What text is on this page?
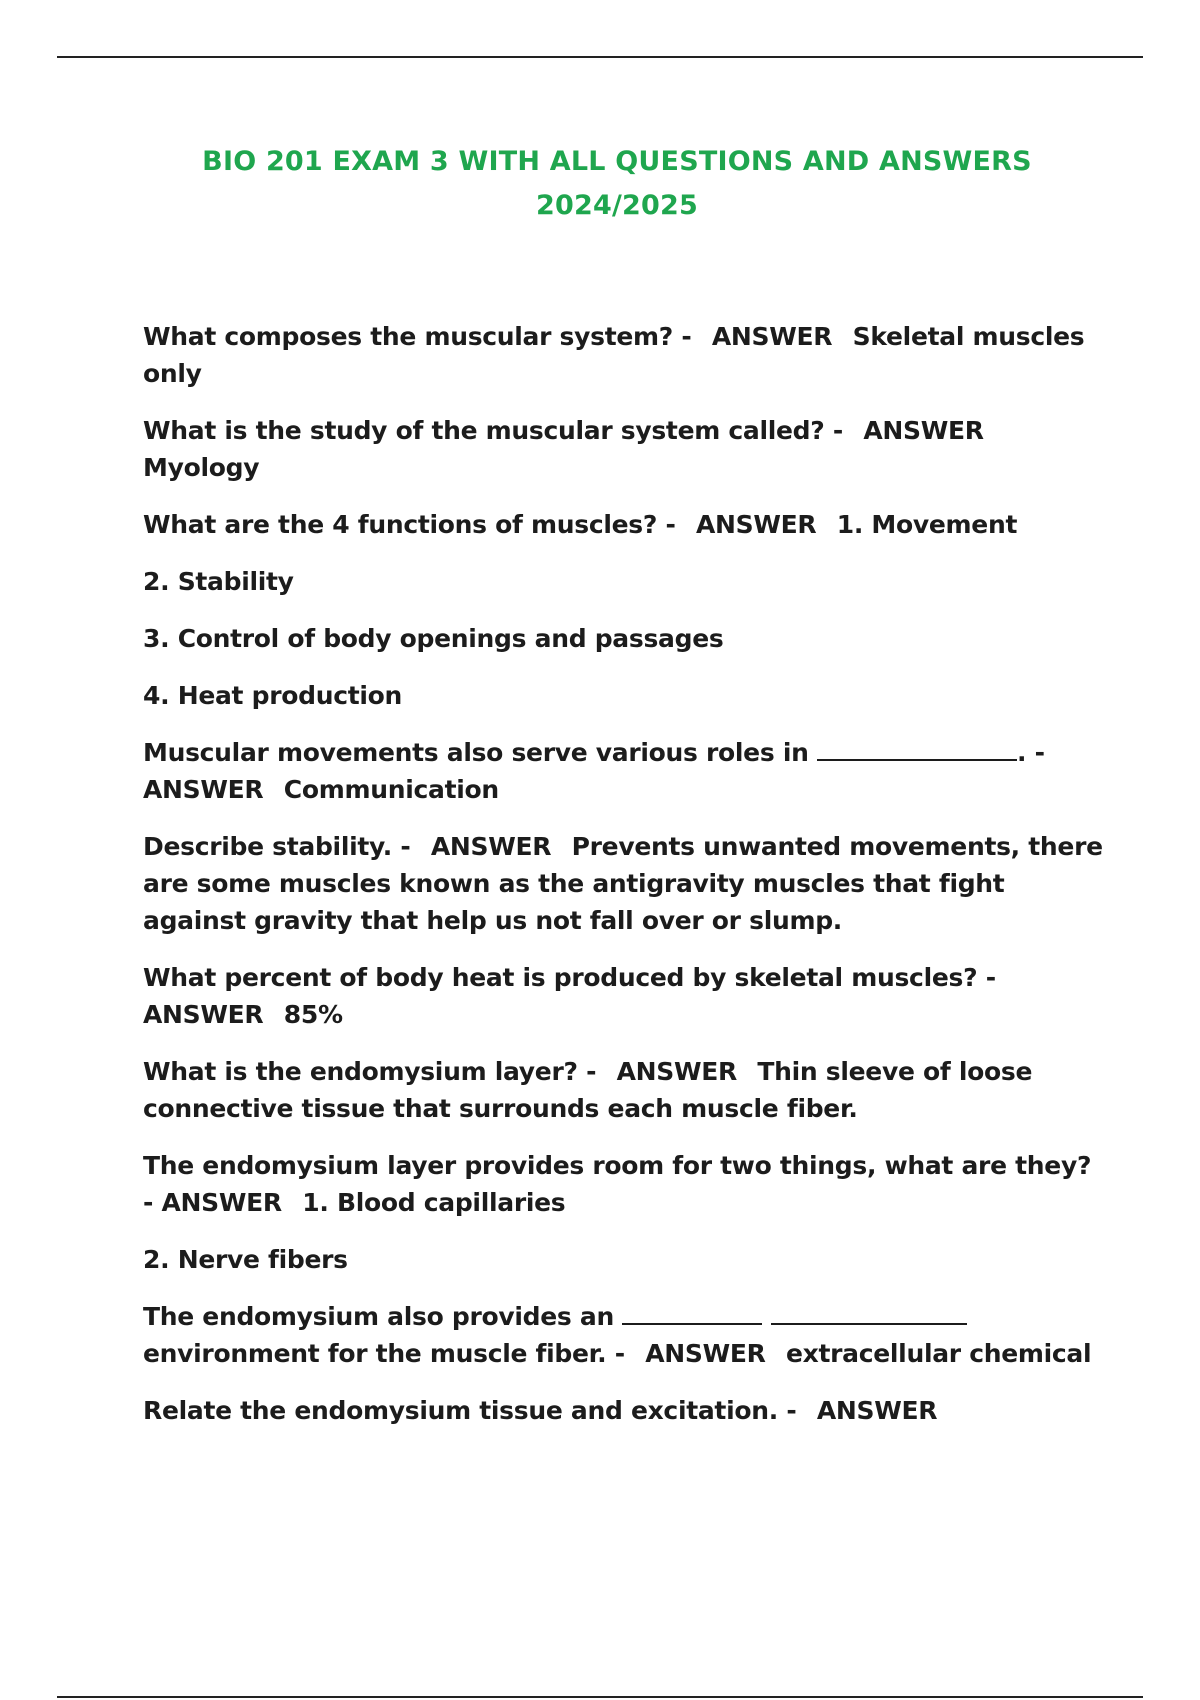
BIO 201 EXAM 3 WITH ALL QUESTIONS AND ANSWERS
2024/2025

What composes the muscular system? - ANSWER Skeletal muscles only

What is the study of the muscular system called? - ANSWER Myology

What are the 4 functions of muscles? - ANSWER 1. Movement

2. Stability

3. Control of body openings and passages

4. Heat production

Muscular movements also serve various roles in	. - ANSWER Communication

Describe stability. - ANSWER Prevents unwanted movements, there are some muscles known as the antigravity muscles that fight against gravity that help us not fall over or slump.

What percent of body heat is produced by skeletal muscles? - ANSWER 85%

What is the endomysium layer? - ANSWER Thin sleeve of loose connective tissue that surrounds each muscle fiber.

The endomysium layer provides room for two things, what are they? - ANSWER 1. Blood capillaries

2. Nerve fibers

The endomysium also provides an   environment for the muscle fiber. - ANSWER extracellular chemical

Relate the endomysium tissue and excitation. - ANSWER
